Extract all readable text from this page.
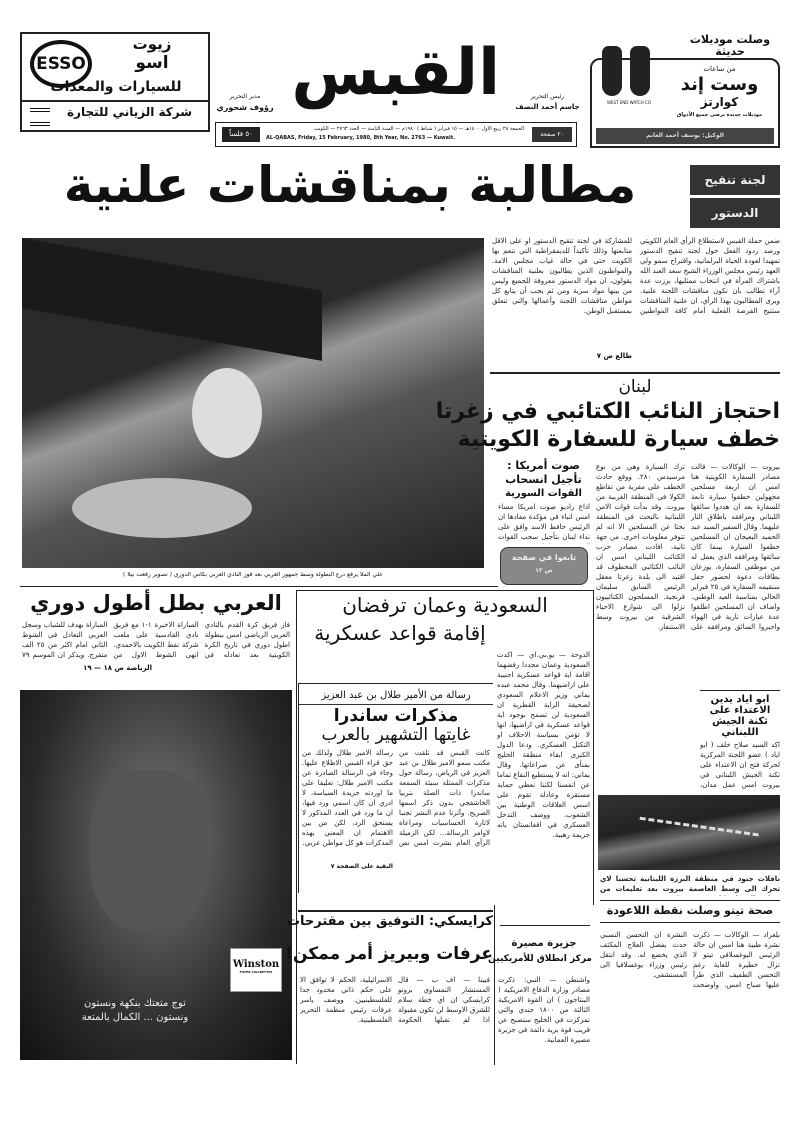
ESSO
زيوت
اسو
للسيارات والمعدات
شركة الزياني للتجارة
القبس
مدير التحرير
رؤوف شحوري
رئيس التحرير
جاسم أحمد النصف
٥٠ فلساً
الجمعة ٢٨ ربيع الأول ١٤٠٠هـ — ١٥ فبراير ( شباط ) ١٩٨٠م — السنة الثامنة — العدد ٢٧٦٣ — الكويت
AL-QABAS, Friday, 15 February, 1980, 8th Year, No. 2763 — Kuwait.	٢٠ صفحة
WEST END WATCH CO
من ساعات
وست إند
كوارتز
موديلات جديدة ترضي جميع الأذواق
الوكيل: يوسف أحمد الغانم
وصلت موديلات حديثة
مطالبة بمناقشات علنية	لجنة تنقيح
الدستور
علي الملا يرفع درع البطولة وسط جمهور العربي بعد فوز النادي العربي بكأس الدوري ( تصوير رفعت بيلا )
ضمن حملة القبس لاستطلاع الرأي العام الكويتي ورصد ردود الفعل حول لجنة تنقيح الدستور تمهيدا لعودة الحياة البرلمانية، واقتراح سمو ولي العهد رئيس مجلس الوزراء الشيخ سعد العبد الله باشتراك المرأة في انتخاب ممثليها، برزت عدة آراء تطالب بان تكون مناقشات اللجنة علنية. ويرى المطالبون بهذا الرأي، ان علنية المناقشات ستتيح الفرصة الفعلية أمام كافة المواطنين للمشاركة في لجنة تنقيح الدستور او على الاقل متابعتها وذلك تأكيداً للديمقراطية التي تنعم بها الكويت حتى في حالة غياب مجلس الامة. والمواطنون الذين يطالبون بعلنية المناقشات يقولون، ان مواد الدستور معروفة للجميع وليس من بينها مواد سرية ومن ثم يجب أن يتابع كل مواطن مناقشات اللجنة وأعمالها والتي تتعلق بمستقبل الوطن.
طالع ص ٧
لبنان
احتجاز النائب الكتائبي في زغرتا
خطف سيارة للسفارة الكويتية
بيروت — الوكالات — قالت مصادر السفارة الكويتية هنا امس ان اربعة مسلحين مجهولين خطفوا سيارة تابعة للسفارة بعد ان هددوا سائقها اللبناني ومرافقه باطلاق النار عليهما. وقال السفير السيد عبد الحميد البعيجان ان المسلحين خطفوا السيارة بينما كان سائقها ومرافقه الذي يعمل له من موظفي السفارة، يوزعان بطاقات دعوة لحضور حفل ستقيمه السفارة في ٢٥ فبراير الحالي بمناسبة العيد الوطني. واضاف ان المسلحين اطلقوا عدة عبارات نارية في الهواء واجبروا السائق ومرافقه على ترك السيارة وهي من نوع مرسيدس ٢٨٠. ووقع حادث الخطف على مقربة من تقاطع الكولا في المنطقة الغربية من بيروت. وقد بدأت قوات الامن اللبنانية بالبحث في المنطقة بحثا عن المسلحين الا انه لم تتوفر معلومات اخرى. من جهة ثانية، افادت مصادر حزب الكتائب اللبناني امس ان النائب الكتائبي المخطوف قد اقتيد الى بلدة زغرتا معقل الرئيس السابق سليمان فرنجية. المسلحون الكتائبيون نزلوا الى شوارع الاحياء الشرقية من بيروت وسط الاستنفار.
صوت أمريكا :
تأجيل انسحاب
القوات السورية
اذاع راديو صوت امريكا مساء امس انباء في مؤكدة مفادها ان الرئيس حافظ الاسد وافق على نداء لبنان بتأجيل سحب القوات
تابعوا في صفحة
ص ١٢
العربي بطل أطول دوري
فاز فريق كرة القدم بالنادي العربي الرياضي امس ببطولة اطول دوري في تاريخ الكرة الكويتية بعد تعادله في المباراة الاخيرة ١-١ مع فريق نادي القادسية على ملعب شركة نفط الكويت بالاحمدي. انهى الشوط الاول من المباراة بهدف للشباب وسجل العربي التعادل في الشوط الثاني امام اكثر من ٢٥ الف متفرج. ويذكر ان الموسم ٧٩
الرياضة ص ١٨ — ١٩
Winston
FILTER CIGARETTES
توج متعتك بنكهة ونستون
ونستون ... الكمال بالمتعة
السعودية وعمان ترفضان
إقامة قواعد عسكرية
الدوحة — يو.بي.اي — اكدت السعودية وعمان مجددا رفضهما اقامة اية قواعد عسكرية اجنبية على اراضيهما. وقال محمد عبده يماني وزير الاعلام السعودي لصحيفة الراية القطرية ان السعودية لن تسمح بوجود اية قواعد عسكرية في اراضيها، انها لا تؤمن بسياسة الاحلاف او التكتل العسكري. ودعا الدول الكبرى ابقاء منطقة الخليج بمنأى عن صراعاتها. وقال يماني: انه لا يستطيع النفاع تماما عن انفسنا لكننا نعطي حماية مستقرة وعادلة تقوم على اسس العلاقات الوطنية بين الشعوب. ووصف التدخل العسكري في افغانستان بانه جريمة رهيبة.
رسالة من الأمير طلال بن عبد العزيز
مذكرات ساندرا
غايتها التشهير بالعرب
كانت القبس قد تلقت من مكتب سمو الامير طلال بن عبد العزيز في الرياض، رسالة حول مذكرات الممثلة سيئة السمعة ساندرا ذات الصلة بتربيا الخاشقجي بدون ذكر اسمها الصريح. وآثرنا عدم النشر تجنبا لاثارة الحساسيات ومراعاة لاوامر الرسالة... لكن الزميلة الرأي العام نشرت امس نص رسالة الامير طلال ولذلك من حق قراء القبس الاطلاع عليها. وجاء في الرسالة الصادرة عن مكتب الامير طلال: تعليقا على ما اوردته جريدة السياسة، لا ادري ان كان اسمي ورد فيها، ان ما ورد في العدد المذكور لا يستحق الرد، لكن من بين الاهتمام ان المعني بهذه المذكرات هو كل مواطن عربي.
البقية على الصفحة ٧
كرايسكي: التوفيق بين مقترحات
عرفات وبيريز أمر ممكن!
فيينا — اف ب — قال المستشار النمساوي برونو كرايسكي ان اي خطة سلام للشرق الاوسط لن تكون مقبولة اذا لم تقبلها الحكومة الاسرائيلية، الحكم لا توافق الا على حكم ذاتي محدود جدا للفلسطينيين. ووصف ياسر عرفات رئيس منظمة التحرير الفلسطينية.
جزيرة مصيرة
مركز انطلاق للأمريكيين
واشنطن — النبي: ذكرت مصادر وزارة الدفاع الامريكية ( البنتاجون ) ان القوة الامريكية الثالثة من ١٨٠٠ جندي والتي تمركزت في الخليج ستصبح عن قريب قوة برية دائمة في جزيرة مصيرة العمانية.
ابو اياد يدين الاعتداء على ثكنة الجيش اللبناني
اكد السيد صلاح خلف ( ابو اياد ) عضو اللجنة المركزية لحركة فتح ان الاعتداء على ثكنة الجيش اللبناني في بيروت امس عمل مدان،
ناقلات جنود في منطقة البرزة اللبنانية تحسبا لاي تحرك الى وسط العاصمة بيروت بعد تعليمات من
صحة تيتو وصلت نقطة اللاعودة
بلغراد — الوكالات — ذكرت نشرة طبية هنا امس ان حالة الرئيس اليوغسلافي تيتو لا تزال خطيرة للغاية رغم التحسن الطفيف الذي طرأ عليها صباح امس. واوضحت النشرة ان التحسن النسبي حدث بفضل العلاج المكثف الذي يخضع له. وقد انتقل رئيس وزراء يوغسلافيا الى المستشفى.
